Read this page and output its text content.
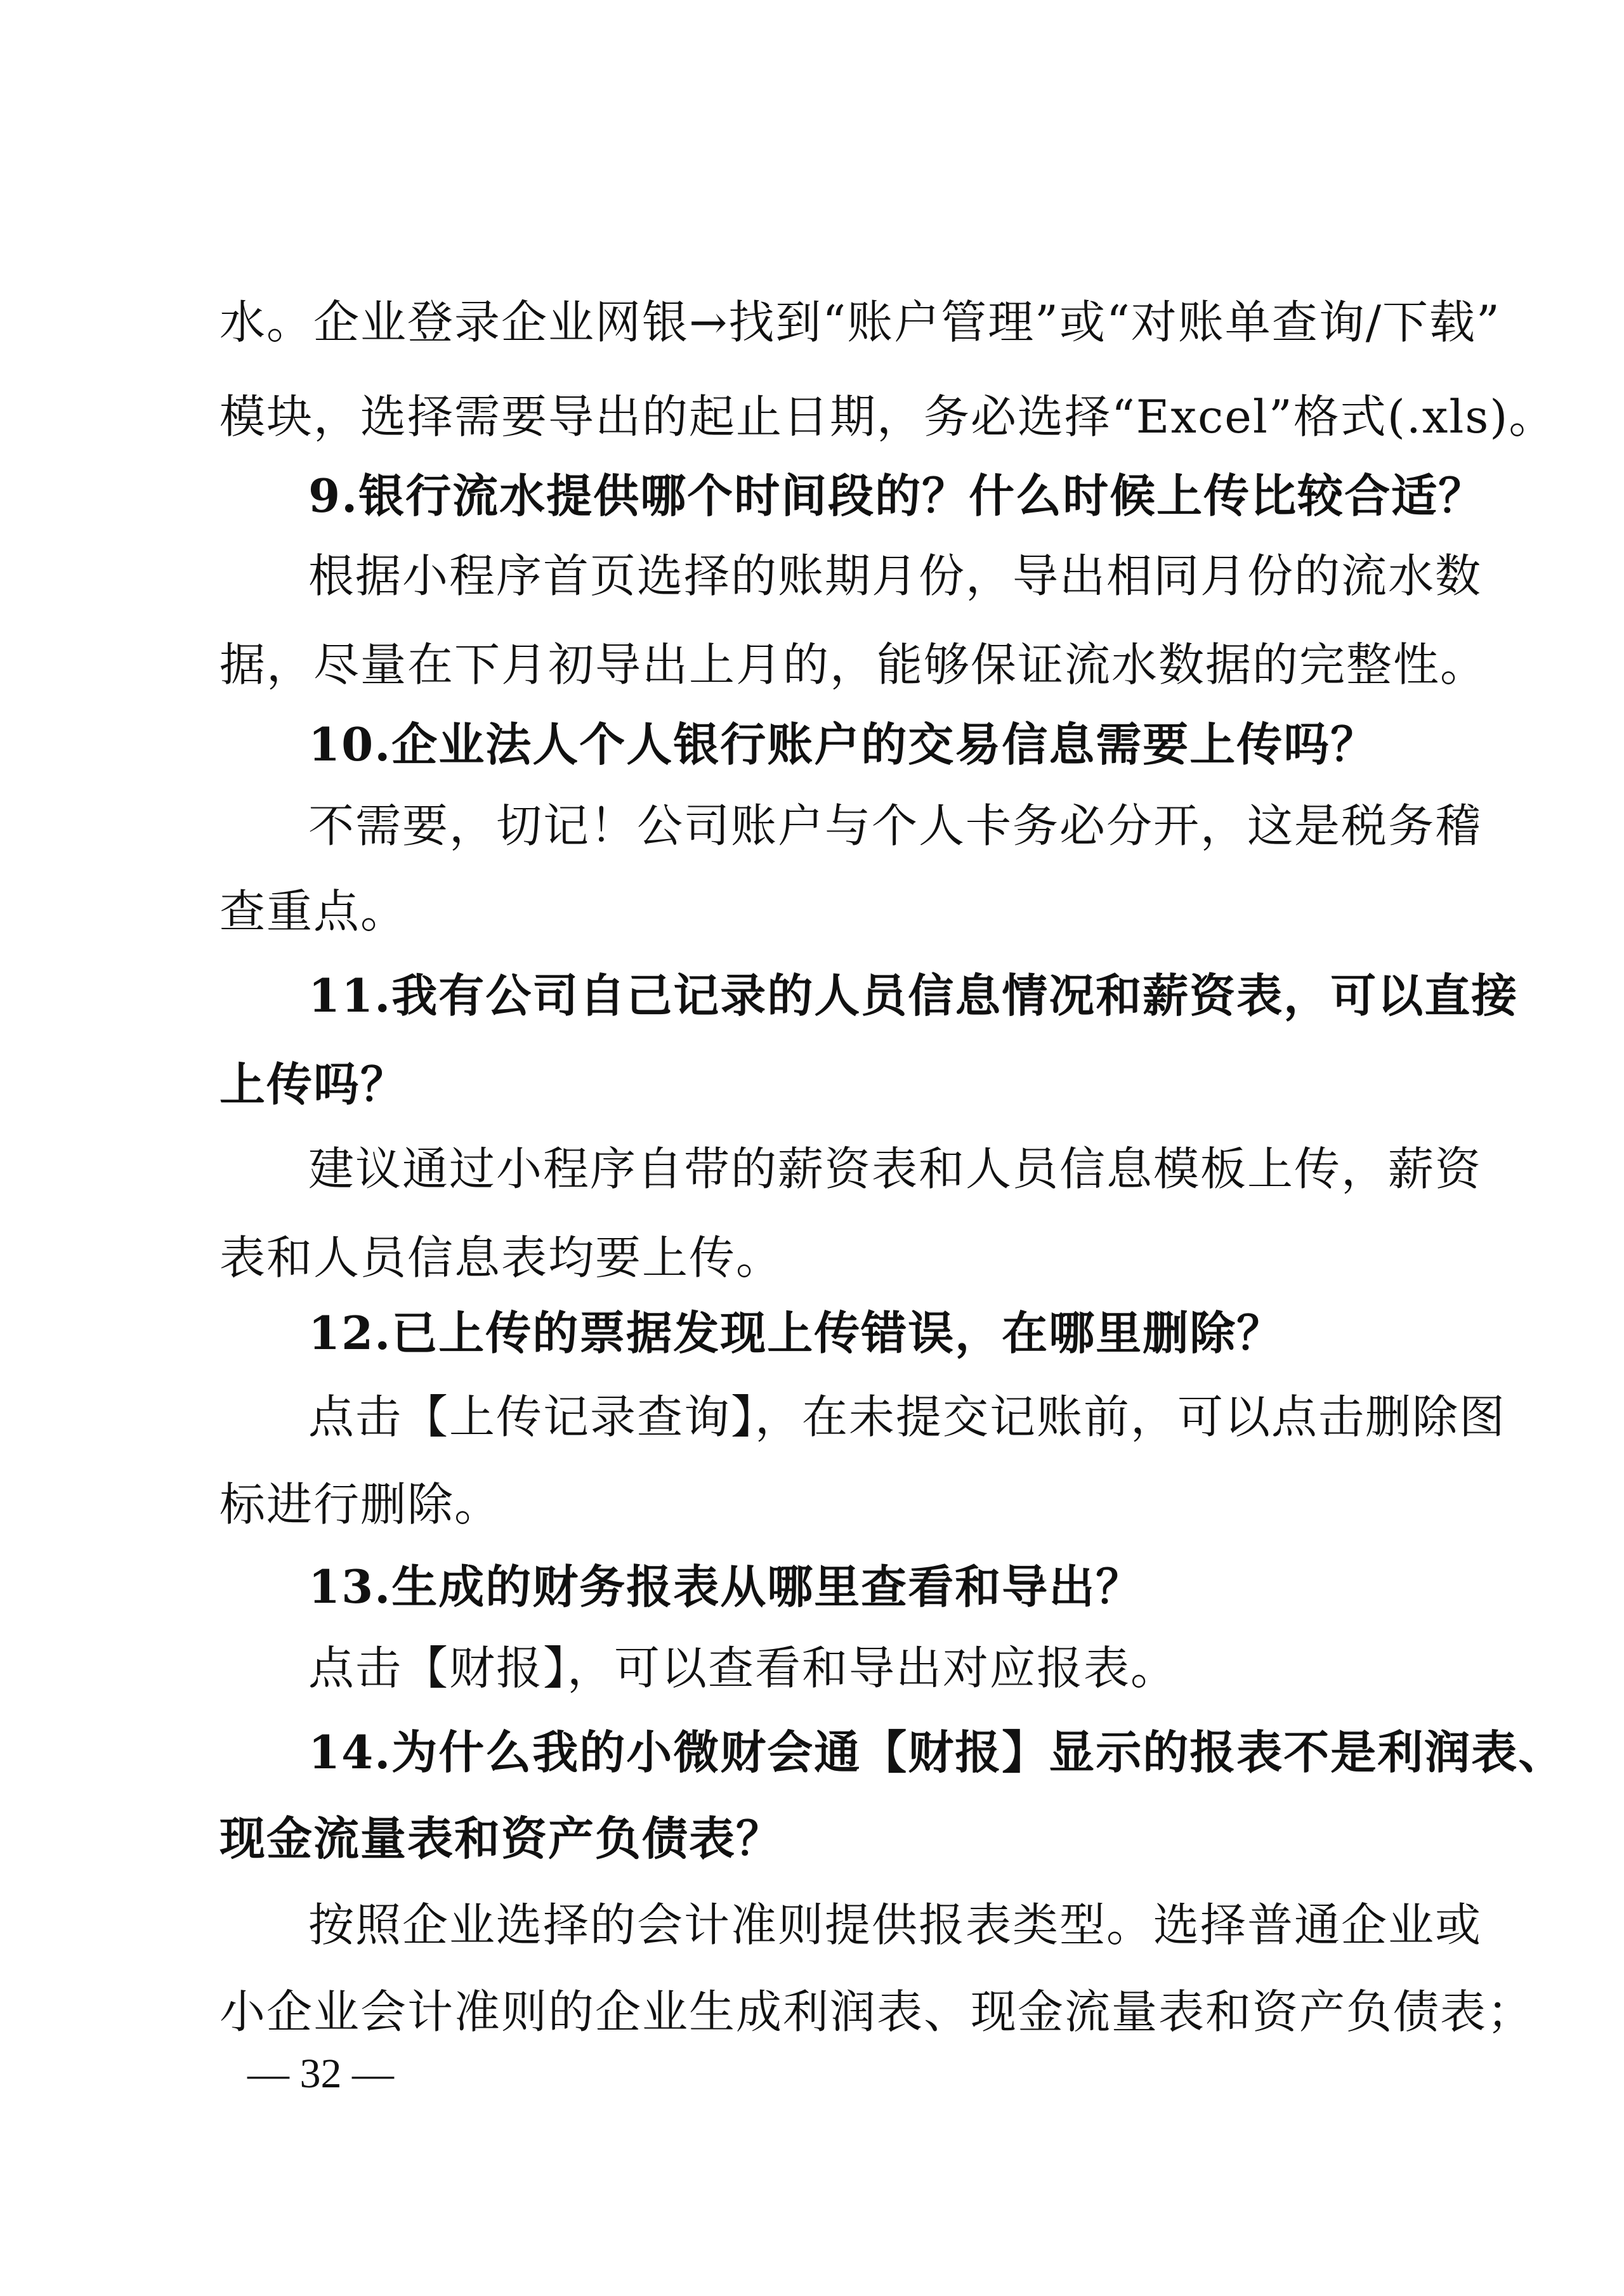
水。企业登录企业网银→找到“账户管理”或“对账单查询/下载”
模块，选择需要导出的起止日期，务必选择“Excel”格式(.xls)。
9.银行流水提供哪个时间段的？什么时候上传比较合适？
根据小程序首页选择的账期月份，导出相同月份的流水数
据，尽量在下月初导出上月的，能够保证流水数据的完整性。
10.企业法人个人银行账户的交易信息需要上传吗？
不需要，切记！公司账户与个人卡务必分开，这是税务稽
查重点。
11.我有公司自己记录的人员信息情况和薪资表，可以直接
上传吗？
建议通过小程序自带的薪资表和人员信息模板上传，薪资
表和人员信息表均要上传。
12.已上传的票据发现上传错误，在哪里删除？
点击【上传记录查询】，在未提交记账前，可以点击删除图
标进行删除。
13.生成的财务报表从哪里查看和导出？
点击【财报】，可以查看和导出对应报表。
14.为什么我的小微财会通【财报】显示的报表不是利润表、
现金流量表和资产负债表？
按照企业选择的会计准则提供报表类型。选择普通企业或
小企业会计准则的企业生成利润表、现金流量表和资产负债表；
— 32 —
